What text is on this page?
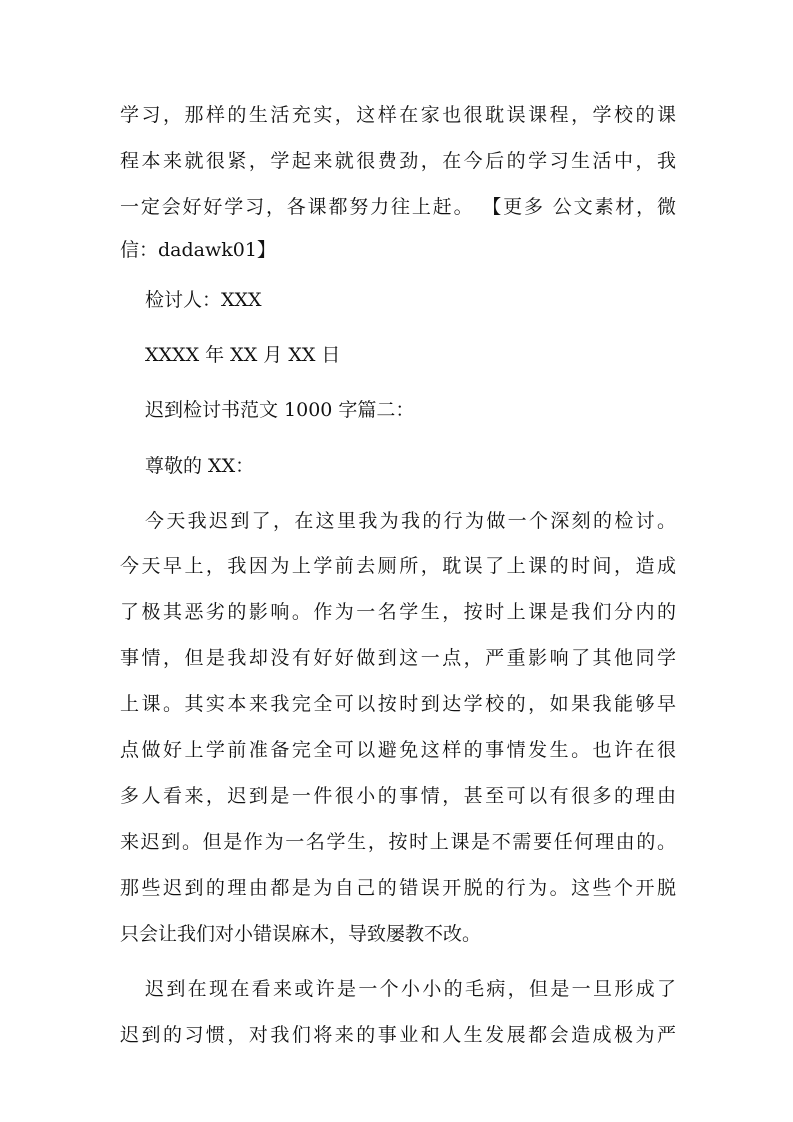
学习，那样的生活充实，这样在家也很耽误课程，学校的课
程本来就很紧，学起来就很费劲，在今后的学习生活中，我
一定会好好学习，各课都努力往上赶。 【更多 公文素材，微
信：dadawk01】
检讨人：XXX
XXXX 年 XX 月 XX 日
迟到检讨书范文 1000 字篇二：
尊敬的 XX：
今天我迟到了，在这里我为我的行为做一个深刻的检讨。
今天早上，我因为上学前去厕所，耽误了上课的时间，造成
了极其恶劣的影响。作为一名学生，按时上课是我们分内的
事情，但是我却没有好好做到这一点，严重影响了其他同学
上课。其实本来我完全可以按时到达学校的，如果我能够早
点做好上学前准备完全可以避免这样的事情发生。也许在很
多人看来，迟到是一件很小的事情，甚至可以有很多的理由
来迟到。但是作为一名学生，按时上课是不需要任何理由的。
那些迟到的理由都是为自己的错误开脱的行为。这些个开脱
只会让我们对小错误麻木，导致屡教不改。
迟到在现在看来或许是一个小小的毛病，但是一旦形成了
迟到的习惯，对我们将来的事业和人生发展都会造成极为严
